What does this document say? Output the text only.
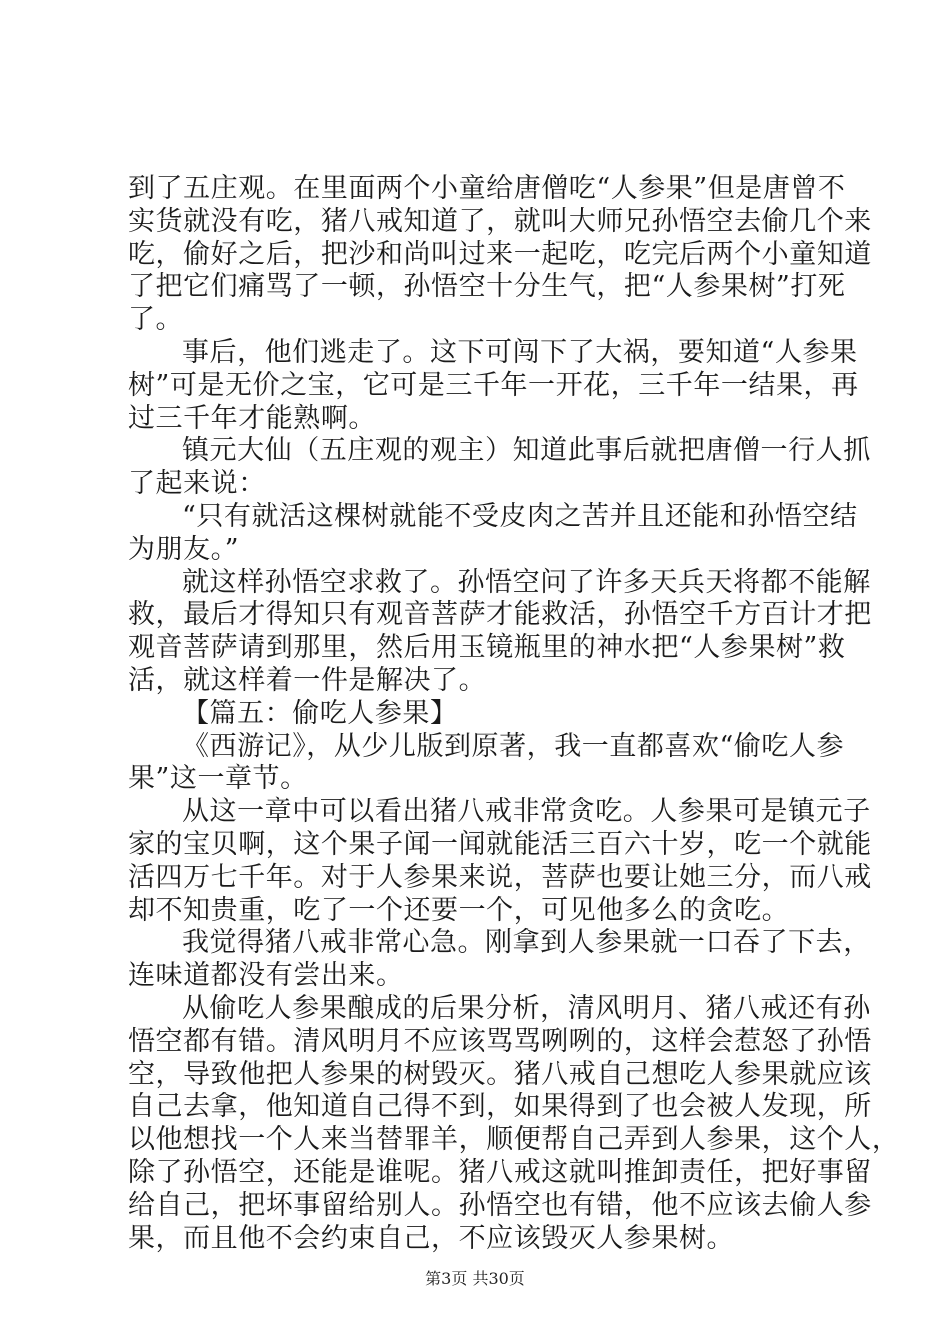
到了五庄观。在里面两个小童给唐僧吃“人参果”但是唐曾不
实货就没有吃，猪八戒知道了，就叫大师兄孙悟空去偷几个来
吃，偷好之后，把沙和尚叫过来一起吃，吃完后两个小童知道
了把它们痛骂了一顿，孙悟空十分生气，把“人参果树”打死
了。
事后，他们逃走了。这下可闯下了大祸，要知道“人参果
树”可是无价之宝，它可是三千年一开花，三千年一结果，再
过三千年才能熟啊。
镇元大仙（五庄观的观主）知道此事后就把唐僧一行人抓
了起来说：
“只有就活这棵树就能不受皮肉之苦并且还能和孙悟空结
为朋友。”
就这样孙悟空求救了。孙悟空问了许多天兵天将都不能解
救，最后才得知只有观音菩萨才能救活，孙悟空千方百计才把
观音菩萨请到那里，然后用玉镜瓶里的神水把“人参果树”救
活，就这样着一件是解决了。
【篇五：偷吃人参果】
《西游记》，从少儿版到原著，我一直都喜欢“偷吃人参
果”这一章节。
从这一章中可以看出猪八戒非常贪吃。人参果可是镇元子
家的宝贝啊，这个果子闻一闻就能活三百六十岁，吃一个就能
活四万七千年。对于人参果来说，菩萨也要让她三分，而八戒
却不知贵重，吃了一个还要一个，可见他多么的贪吃。
我觉得猪八戒非常心急。刚拿到人参果就一口吞了下去，
连味道都没有尝出来。
从偷吃人参果酿成的后果分析，清风明月、猪八戒还有孙
悟空都有错。清风明月不应该骂骂咧咧的，这样会惹怒了孙悟
空，导致他把人参果的树毁灭。猪八戒自己想吃人参果就应该
自己去拿，他知道自己得不到，如果得到了也会被人发现，所
以他想找一个人来当替罪羊，顺便帮自己弄到人参果，这个人，
除了孙悟空，还能是谁呢。猪八戒这就叫推卸责任，把好事留
给自己，把坏事留给别人。孙悟空也有错，他不应该去偷人参
果，而且他不会约束自己，不应该毁灭人参果树。
第3页 共30页
